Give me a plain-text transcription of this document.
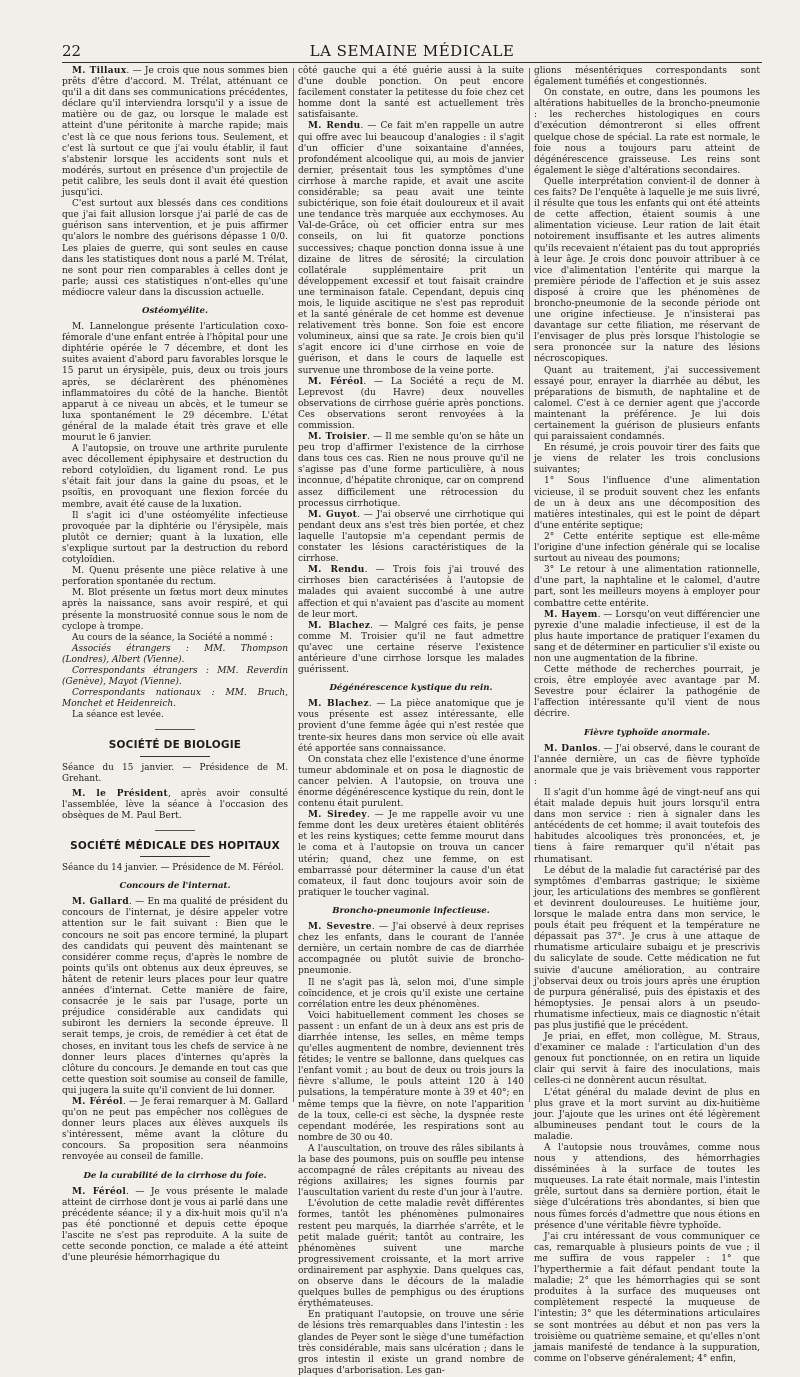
22	LA SEMAINE MÉDICALE

M. Tillaux. — Je crois que nous sommes bien prêts d'être d'accord. M. Trélat, atténuant ce qu'il a dit dans ses communications précédentes, déclare qu'il interviendra lorsqu'il y a issue de matière ou de gaz, ou lorsque le malade est atteint d'une péritonite à marche rapide; mais c'est là ce que nous ferions tous. Seulement, et c'est là surtout ce que j'ai voulu établir, il faut s'abstenir lorsque les accidents sont nuls et modérés, surtout en présence d'un projectile de petit calibre, les seuls dont il avait été question jusqu'ici.

C'est surtout aux blessés dans ces conditions que j'ai fait allusion lorsque j'ai parlé de cas de guérison sans intervention, et je puis affirmer qu'alors le nombre des guérisons dépasse 1 0/0. Les plaies de guerre, qui sont seules en cause dans les statistiques dont nous a parlé M. Trélat, ne sont pour rien comparables à celles dont je parle; aussi ces statistiques n'ont-elles qu'une médiocre valeur dans la discussion actuelle.

Ostéomyélite.

M. Lannelongue présente l'articulation coxo-fémorale d'une enfant entrée à l'hôpital pour une diphtérie opérée le 7 décembre, et dont les suites avaient d'abord paru favorables lorsque le 15 parut un érysipèle, puis, deux ou trois jours après, se déclarèrent des phénomènes inflammatoires du côté de la hanche. Bientôt apparut à ce niveau un abcès, et le tumeur se luxa spontanément le 29 décembre. L'état général de la malade était très grave et elle mourut le 6 janvier.

A l'autopsie, on trouve une arthrite purulente avec décollement épiphysaire et destruction du rebord cotyloïdien, du ligament rond. Le pus s'était fait jour dans la gaine du psoas, et le psoïtis, en provoquant une flexion forcée du membre, avait été cause de la luxation.

Il s'agit ici d'une ostéomyélite infectieuse provoquée par la diphtérie ou l'érysipèle, mais plutôt ce dernier; quant à la luxation, elle s'explique surtout par la destruction du rebord cotyloïdien.

M. Quenu présente une pièce relative à une perforation spontanée du rectum.

M. Blot présente un fœtus mort deux minutes après la naissance, sans avoir respiré, et qui présente la monstruosité connue sous le nom de cyclope à trompe.

Au cours de la séance, la Société a nommé :

Associés étrangers : MM. Thompson (Londres), Albert (Vienne).

Correspondants étrangers : MM. Reverdin (Genève), Mayot (Vienne).

Correspondants nationaux : MM. Bruch, Monchet et Heidenreich.

La séance est levée.

SOCIÉTÉ DE BIOLOGIE

Séance du 15 janvier. — Présidence de M. Grehant.

M. le Président, après avoir consulté l'assemblée, lève la séance à l'occasion des obsèques de M. Paul Bert.

SOCIÉTÉ MÉDICALE DES HOPITAUX

Séance du 14 janvier. — Présidence de M. Féréol.

Concours de l'internat.

M. Gallard. — En ma qualité de président du concours de l'internat, je désire appeler votre attention sur le fait suivant : Bien que le concours ne soit pas encore terminé, la plupart des candidats qui peuvent dès maintenant se considérer comme reçus, d'après le nombre de points qu'ils ont obtenus aux deux épreuves, se hâtent de retenir leurs places pour leur quatre années d'internat. Cette manière de faire, consacrée je le sais par l'usage, porte un préjudice considérable aux candidats qui subiront les derniers la seconde épreuve. Il serait temps, je crois, de remédier à cet état de choses, en invitant tous les chefs de service à ne donner leurs places d'internes qu'après la clôture du concours. Je demande en tout cas que cette question soit soumise au conseil de famille, qui jugera la suite qu'il convient de lui donner.

M. Féréol. — Je ferai remarquer à M. Gallard qu'on ne peut pas empêcher nos collègues de donner leurs places aux élèves auxquels ils s'intéressent, même avant la clôture du concours. Sa proposition sera néanmoins renvoyée au conseil de famille.

De la curabilité de la cirrhose du foie.

M. Féréol. — Je vous présente le malade atteint de cirrhose dont je vous ai parlé dans une précédente séance; il y a dix-huit mois qu'il n'a pas été ponctionné et depuis cette époque l'ascite ne s'est pas reproduite. A la suite de cette seconde ponction, ce malade a été atteint d'une pleurésie hémorrhagique du

côté gauche qui a été guérie aussi à la suite d'une double ponction. On peut encore facilement constater la petitesse du foie chez cet homme dont la santé est actuellement très satisfaisante.

M. Rendu. — Ce fait m'en rappelle un autre qui offre avec lui beaucoup d'analogies : il s'agit d'un officier d'une soixantaine d'années, profondément alcoolique qui, au mois de janvier dernier, présentait tous les symptômes d'une cirrhose à marche rapide, et avait une ascite considérable; sa peau avait une teinte subictérique, son foie était douloureux et il avait une tendance très marquée aux ecchymoses. Au Val-de-Grâce, où cet officier entra sur mes conseils, on lui fit quatorze ponctions successives; chaque ponction donna issue à une dizaine de litres de sérosité; la circulation collatérale supplémentaire prit un développement excessif et tout faisait craindre une terminaison fatale. Cependant, depuis cinq mois, le liquide ascitique ne s'est pas reproduit et la santé générale de cet homme est devenue relativement très bonne. Son foie est encore volumineux, ainsi que sa rate. Je crois bien qu'il s'agit encore ici d'une cirrhose en voie de guérison, et dans le cours de laquelle est survenue une thrombose de la veine porte.

M. Féréol. — La Société a reçu de M. Leprevost (du Havre) deux nouvelles observations de cirrhose guérie après ponctions. Ces observations seront renvoyées à la commission.

M. Troisier. — Il me semble qu'on se hâte un peu trop d'affirmer l'existence de la cirrhose dans tous ces cas. Rien ne nous prouve qu'il ne s'agisse pas d'une forme particulière, à nous inconnue, d'hépatite chronique, car on comprend assez difficilement une rétrocession du processus cirrhotique.

M. Guyot. — J'ai observé une cirrhotique qui pendant deux ans s'est très bien portée, et chez laquelle l'autopsie m'a cependant permis de constater les lésions caractéristiques de la cirrhose.

M. Rendu. — Trois fois j'ai trouvé des cirrhoses bien caractérisées à l'autopsie de malades qui avaient succombé à une autre affection et qui n'avaient pas d'ascite au moment de leur mort.

M. Blachez. — Malgré ces faits, je pense comme M. Troisier qu'il ne faut admettre qu'avec une certaine réserve l'existence antérieure d'une cirrhose lorsque les malades guérissent.

Dégénérescence kystique du rein.

M. Blachez. — La pièce anatomique que je vous présente est assez intéressante, elle provient d'une femme âgée qui n'est restée que trente-six heures dans mon service où elle avait été apportée sans connaissance.

On constata chez elle l'existence d'une énorme tumeur abdominale et on posa le diagnostic de cancer pelvien. A l'autopsie, on trouva une énorme dégénérescence kystique du rein, dont le contenu était purulent.

M. Siredey. — Je me rappelle avoir vu une femme dont les deux uretères étaient oblitérés et les reins kystiques; cette femme mourut dans le coma et à l'autopsie on trouva un cancer utérin; quand, chez une femme, on est embarrassé pour déterminer la cause d'un état comateux, il faut donc toujours avoir soin de pratiquer le toucher vaginal.

Broncho-pneumonie infectieuse.

M. Sevestre. — J'ai observé à deux reprises chez les enfants, dans le courant de l'année dernière, un certain nombre de cas de diarrhée accompagnée ou plutôt suivie de broncho-pneumonie.

Il ne s'agit pas là, selon moi, d'une simple coïncidence, et je crois qu'il existe une certaine corrélation entre les deux phénomènes.

Voici habituellement comment les choses se passent : un enfant de un à deux ans est pris de diarrhée intense, les selles, en même temps qu'elles augmentent de nombre, deviennent très fétides; le ventre se ballonne, dans quelques cas l'enfant vomit ; au bout de deux ou trois jours la fièvre s'allume, le pouls atteint 120 à 140 pulsations, la température monte à 39 et 40°; en même temps que la fièvre, on note l'apparition de la toux, celle-ci est sèche, la dyspnée reste cependant modérée, les respirations sont au nombre de 30 ou 40.

A l'auscultation, on trouve des râles sibilants à la base des poumons, puis on souffle peu intense accompagné de râles crépitants au niveau des régions axillaires; les signes fournis par l'auscultation varient du reste d'un jour à l'autre.

L'évolution de cette maladie revêt différentes formes, tantôt les phénomènes pulmonaires restent peu marqués, la diarrhée s'arrête, et le petit malade guérit; tantôt au contraire, les phénomènes suivent une marche progressivement croissante, et la mort arrive ordinairement par asphyxie. Dans quelques cas, on observe dans le décours de la maladie quelques bulles de pemphigus ou des éruptions érythémateuses.

En pratiquant l'autopsie, on trouve une série de lésions très remarquables dans l'intestin : les glandes de Peyer sont le siège d'une tuméfaction très considérable, mais sans ulcération ; dans le gros intestin il existe un grand nombre de plaques d'arborisation. Les gan-

glions mésentériques correspondants sont également tuméfiés et congestionnés.

On constate, en outre, dans les poumons les altérations habituelles de la broncho-pneumonie : les recherches histologiques en cours d'exécution démontreront si elles offrent quelque chose de spécial. La rate est normale, le foie nous a toujours paru atteint de dégénérescence graisseuse. Les reins sont également le siège d'altérations secondaires.

Quelle interprétation convient-il de donner à ces faits? De l'enquête à laquelle je me suis livré, il résulte que tous les enfants qui ont été atteints de cette affection, étaient soumis à une alimentation vicieuse. Leur ration de lait était notoirement insuffisante et les autres aliments qu'ils recevaient n'étaient pas du tout appropriés à leur âge. Je crois donc pouvoir attribuer à ce vice d'alimentation l'entérite qui marque la première période de l'affection et je suis assez disposé à croire que les phénomènes de broncho-pneumonie de la seconde période ont une origine infectieuse. Je n'insisterai pas davantage sur cette filiation, me réservant de l'envisager de plus près lorsque l'histologie se sera prononcée sur la nature des lésions nécroscopiques.

Quant au traitement, j'ai successivement essayé pour, enrayer la diarrhée au début, les préparations de bismuth, de naphtaline et de calomel. C'est à ce dernier agent que j'accorde maintenant la préférence. Je lui dois certainement la guérison de plusieurs enfants qui paraissaient condamnés.

En résumé, je crois pouvoir tirer des faits que je viens de relater les trois conclusions suivantes;

1° Sous l'influence d'une alimentation vicieuse, il se produit souvent chez les enfants de un à deux ans une décomposition des matières intestinales, qui est le point de départ d'une entérite septique;

2° Cette entérite septique est elle-même l'origine d'une infection générale qui se localise surtout au niveau des poumons;

3° Le retour à une alimentation rationnelle, d'une part, la naphtaline et le calomel, d'autre part, sont les meilleurs moyens à employer pour combattre cette entérite.

M. Hayem. — Lorsqu'on veut différencier une pyrexie d'une maladie infectieuse, il est de la plus haute importance de pratiquer l'examen du sang et de déterminer en particulier s'il existe ou non une augmentation de la fibrine.

Cette méthode de recherches pourrait, je crois, être employée avec avantage par M. Sevestre pour éclairer la pathogénie de l'affection intéressante qu'il vient de nous décrire.

Fièvre typhoïde anormale.

M. Danlos. — J'ai observé, dans le courant de l'année dernière, un cas de fièvre typhoïde anormale que je vais brièvement vous rapporter :

Il s'agit d'un homme âgé de vingt-neuf ans qui était malade depuis huit jours lorsqu'il entra dans mon service : rien à signaler dans les antécédents de cet homme; il avait toutefois des habitudes alcooliques très prononcées, et, je tiens à faire remarquer qu'il n'était pas rhumatisant.

Le début de la maladie fut caractérisé par des symptômes d'embarras gastrique; le sixième jour, les articulations des membres se gonflèrent et devinrent douloureuses. Le huitième jour, lorsque le malade entra dans mon service, le pouls était peu fréquent et la température ne dépassait pas 37°. Je crus à une attaque de rhumatisme articulaire subaigu et je prescrivis du salicylate de soude. Cette médication ne fut suivie d'aucune amélioration, au contraire j'observai deux ou trois jours après une éruption de purpura généralisé, puis des épistaxis et des hémoptysies. Je pensai alors à un pseudo-rhumatisme infectieux, mais ce diagnostic n'était pas plus justifié que le précédent.

Je priai, en effet, mon collègue, M. Straus, d'examiner ce malade : l'articulation d'un des genoux fut ponctionnée, on en retira un liquide clair qui servit à faire des inoculations, mais celles-ci ne donnèrent aucun résultat.

L'état général du malade devint de plus en plus grave et la mort survint au dix-huitième jour. J'ajoute que les urines ont été légèrement albumineuses pendant tout le cours de la maladie.

A l'autopsie nous trouvâmes, comme nous nous y attendions, des hémorrhagies disséminées à la surface de toutes les muqueuses. La rate était normale, mais l'intestin grêle, surtout dans sa dernière portion, était le siège d'ulcérations très abondantes, si bien que nous fûmes forcés d'admettre que nous étions en présence d'une véritable fièvre typhoïde.

J'ai cru intéressant de vous communiquer ce cas, remarquable à plusieurs points de vue ; il me suffira de vous rappeler : 1° que l'hyperthermie a fait défaut pendant toute la maladie; 2° que les hémorrhagies qui se sont produites à la surface des muqueuses ont complètement respecté la muqueuse de l'intestin; 3° que les déterminations articulaires se sont montrées au début et non pas vers la troisième ou quatrième semaine, et qu'elles n'ont jamais manifesté de tendance à la suppuration, comme on l'observe généralement; 4° enfin,
